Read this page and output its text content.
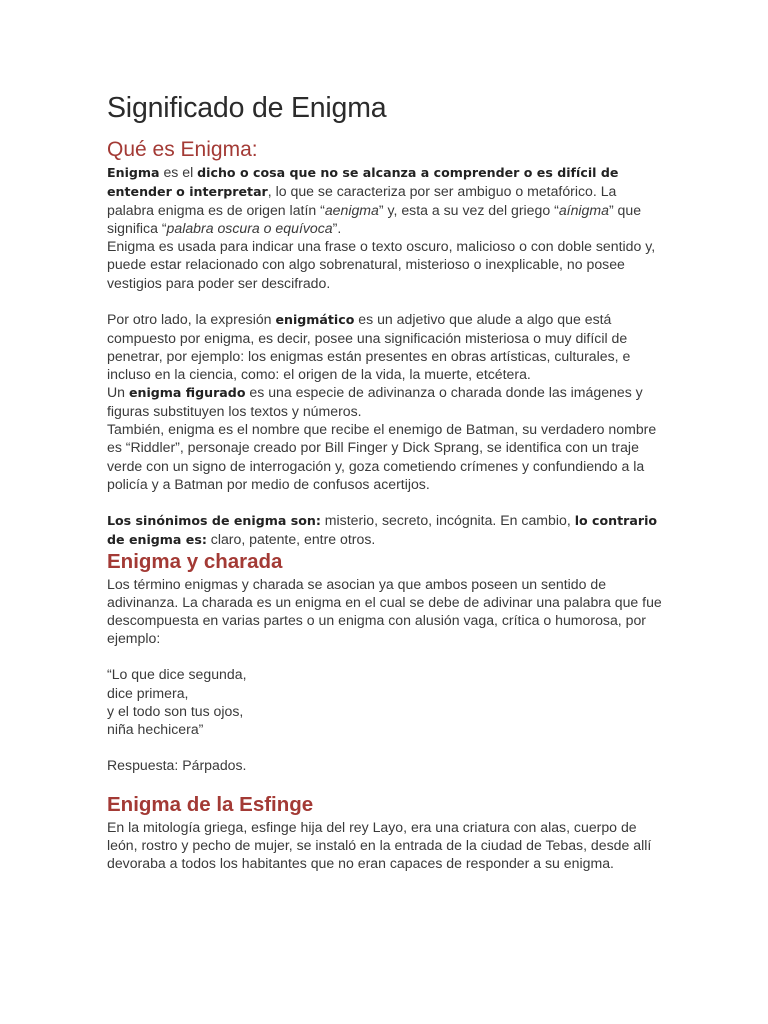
Significado de Enigma
Qué es Enigma:

Enigma es el dicho o cosa que no se alcanza a comprender o es difícil de entender o interpretar, lo que se caracteriza por ser ambiguo o metafórico. La palabra enigma es de origen latín “aenigma” y, esta a su vez del griego “aínigma” que significa “palabra oscura o equívoca”.

Enigma es usada para indicar una frase o texto oscuro, malicioso o con doble sentido y, puede estar relacionado con algo sobrenatural, misterioso o inexplicable, no posee vestigios para poder ser descifrado.

Por otro lado, la expresión enigmático es un adjetivo que alude a algo que está compuesto por enigma, es decir, posee una significación misteriosa o muy difícil de penetrar, por ejemplo: los enigmas están presentes en obras artísticas, culturales, e incluso en la ciencia, como: el origen de la vida, la muerte, etcétera.

Un enigma figurado es una especie de adivinanza o charada donde las imágenes y figuras substituyen los textos y números.

También, enigma es el nombre que recibe el enemigo de Batman, su verdadero nombre es “Riddler”, personaje creado por Bill Finger y Dick Sprang, se identifica con un traje verde con un signo de interrogación y, goza cometiendo crímenes y confundiendo a la policía y a Batman por medio de confusos acertijos.

Los sinónimos de enigma son: misterio, secreto, incógnita. En cambio, lo contrario de enigma es: claro, patente, entre otros.

Enigma y charada

Los término enigmas y charada se asocian ya que ambos poseen un sentido de adivinanza. La charada es un enigma en el cual se debe de adivinar una palabra que fue descompuesta en varias partes o un enigma con alusión vaga, crítica o humorosa, por ejemplo:

“Lo que dice segunda,

dice primera,

y el todo son tus ojos,

niña hechicera”

Respuesta: Párpados.

Enigma de la Esfinge

En la mitología griega, esfinge hija del rey Layo, era una criatura con alas, cuerpo de león, rostro y pecho de mujer, se instaló en la entrada de la ciudad de Tebas, desde allí devoraba a todos los habitantes que no eran capaces de responder a su enigma.
